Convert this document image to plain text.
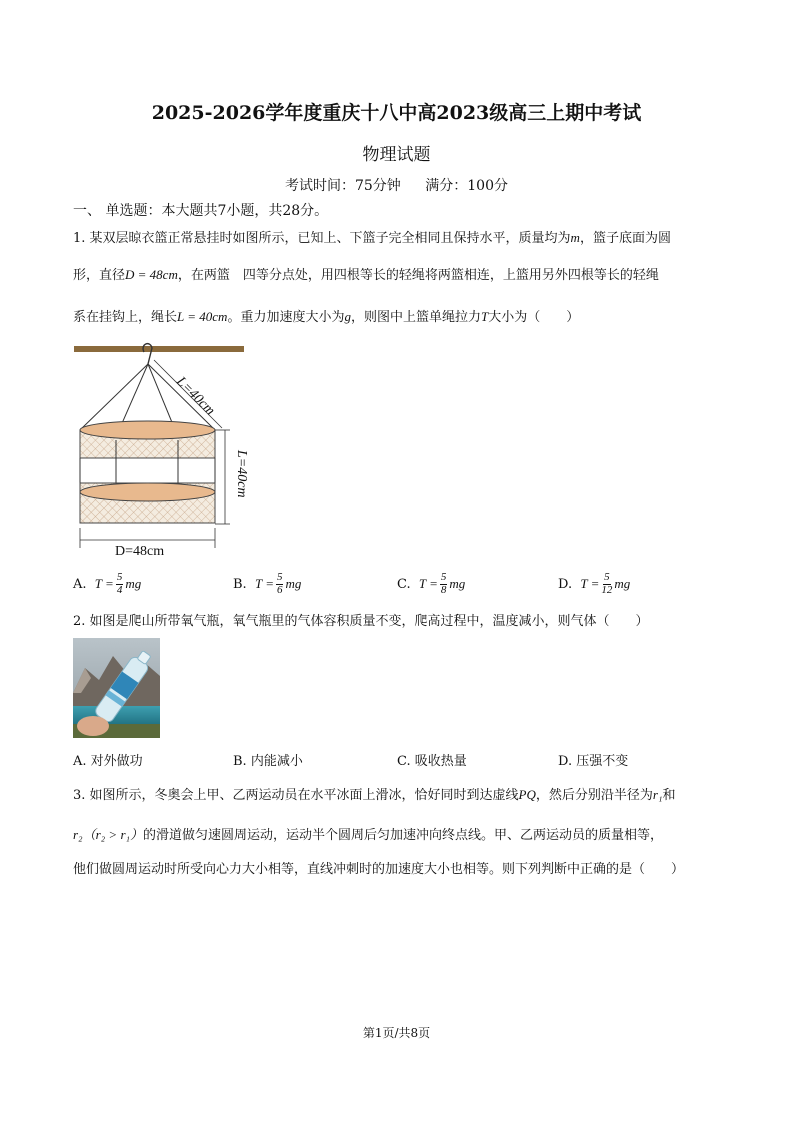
2025-2026学年度重庆十八中高2023级高三上期中考试
物理试题
考试时间：75分钟 满分：100分
一、 单选题：本大题共7小题，共28分。
1. 某双层晾衣篮正常悬挂时如图所示，已知上、下篮子完全相同且保持水平，质量均为m，篮子底面为圆
形，直径D = 48cm，在两篮　四等分点处，用四根等长的轻绳将两篮相连，上篮用另外四根等长的轻绳
系在挂钩上，绳长L = 40cm。重力加速度大小为g，则图中上篮单绳拉力T大小为（　　）
L=40cm
L=40cm
D=48cm
A.
$T = \frac{5}{4}$ mg	B.
$T = \frac{5}{6}$ mg	C.
$T = \frac{5}{8}$ mg	D.
$T = \frac{5}{12}$ mg
2. 如图是爬山所带氧气瓶，氧气瓶里的气体容积质量不变，爬高过程中，温度减小，则气体（　　）
A. 对外做功	B. 内能减小	C. 吸收热量	D. 压强不变
3. 如图所示，冬奥会上甲、乙两运动员在水平冰面上滑冰，恰好同时到达虚线PQ，然后分别沿半径为r₁和
r₂（r₂ > r₁）的滑道做匀速圆周运动，运动半个圆周后匀加速冲向终点线。甲、乙两运动员的质量相等，
他们做圆周运动时所受向心力大小相等，直线冲刺时的加速度大小也相等。则下列判断中正确的是（　　）
第1页/共8页
